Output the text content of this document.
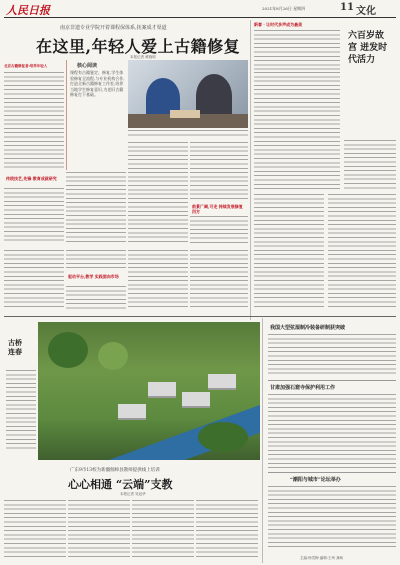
人民日报	2021年8月26日 星期四	11 文化
南京非遗专业学院开着课程保体系,抚案成才渠道
在这里,年轻人爱上古籍修复
本报记者 黄晓明
北京古籍修复者:培养年轻人	核心阅读
课程有古籍鉴定、修复,学生体验修复全流程,与专业机构合作,打造全新古籍修复工作室,培养当地学生修复意识,为老旧古籍修复打下基础。
传统技艺,先锋 教育成就研究
前景广阔,可走 持续发展修复四方
驱动平台,教学 实践面向市场
新春 · 让时代多声成为最美
六百岁故宫 迸发时代活力
古桥连春
广东9市13校为新疆伽师县教师提供线上培训
心心相通 “云端”支教
本报记者 吴冠华
我国大型弦湿制冷装备研制获突破
甘肃加强石窟寺保护利用工作
“潮阳与城市”论坛举办
主编:杨雪梅 编辑:王珂 龚尚
